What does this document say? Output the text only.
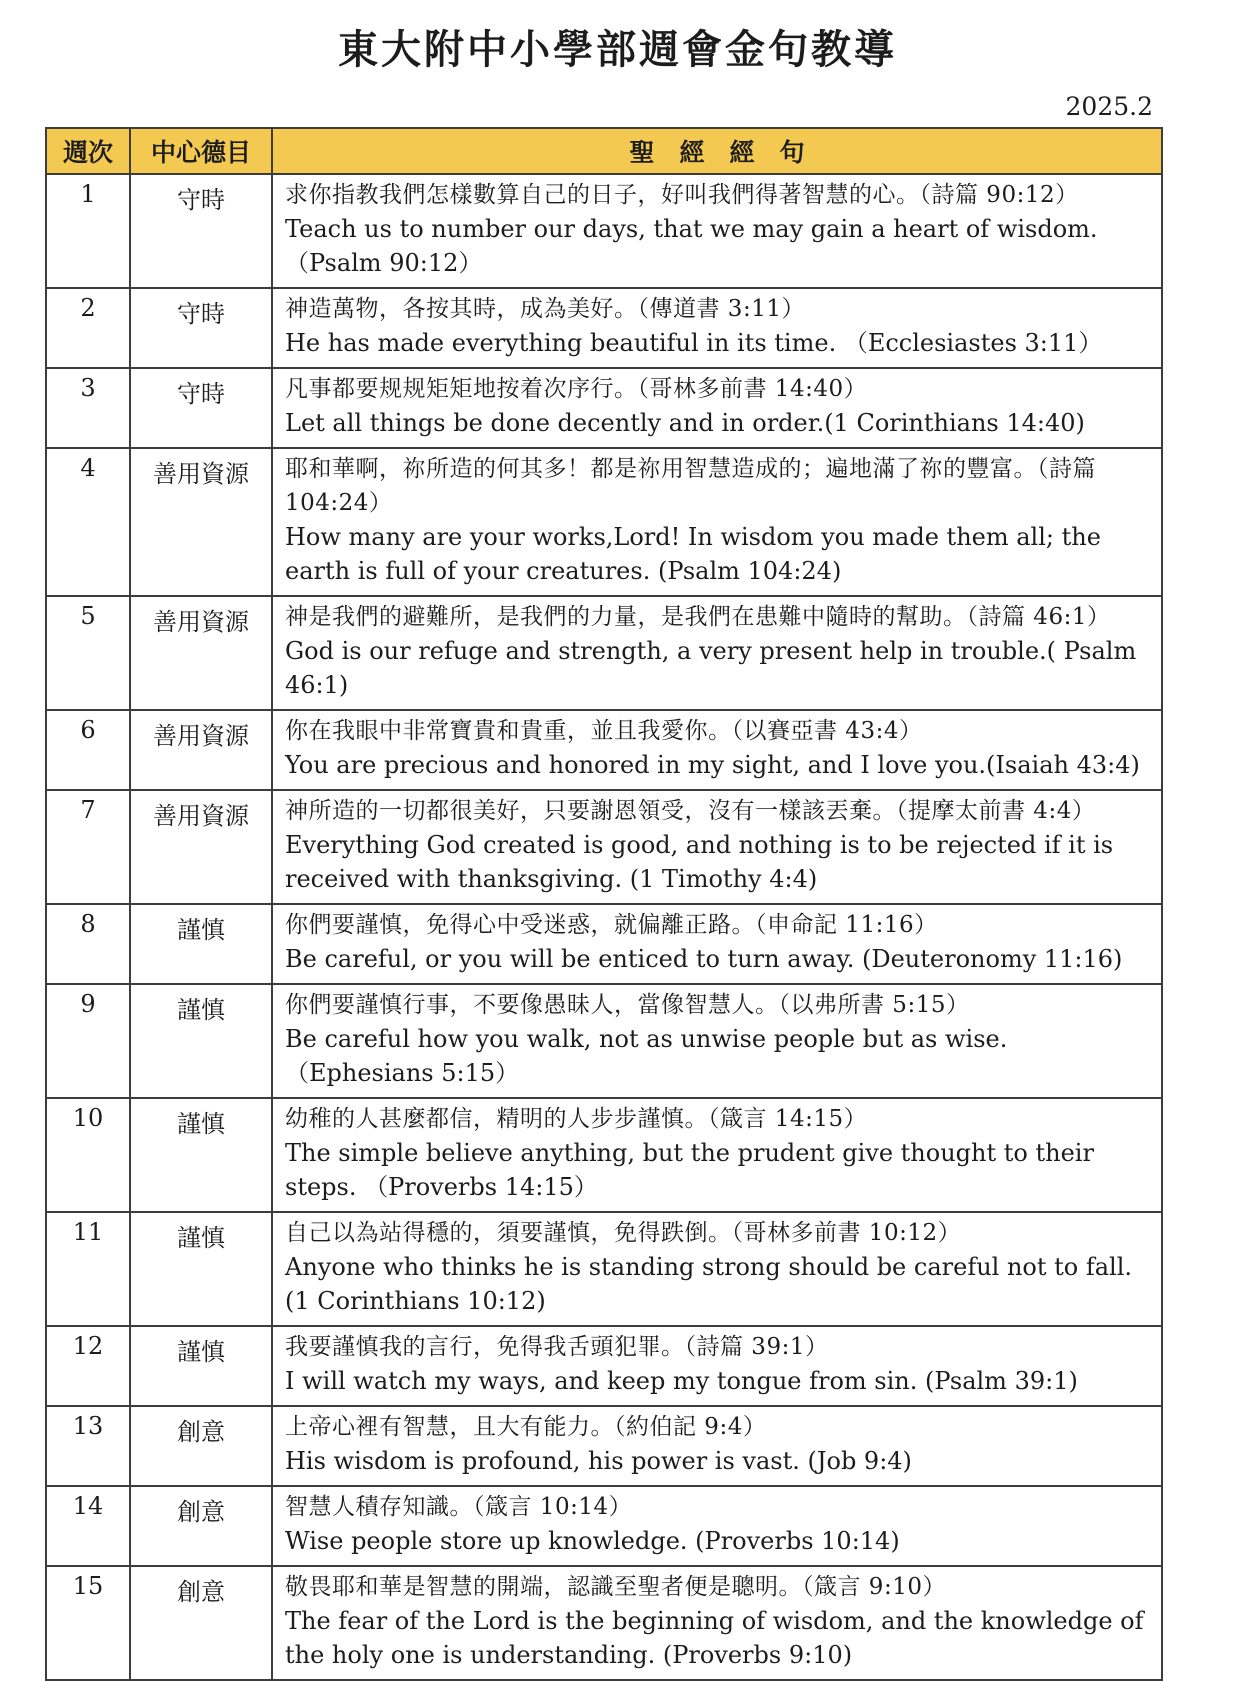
東大附中小學部週會金句教導
2025.2
週次	中心德目	聖　經　經　句
1	守時	求你指教我們怎樣數算自己的日子，好叫我們得著智慧的心。（詩篇 90:12）
Teach us to number our days, that we may gain a heart of wisdom. （Psalm 90:12）

2	守時	神造萬物，各按其時，成為美好。（傳道書 3:11）
He has made everything beautiful in its time. （Ecclesiastes 3:11）

3	守時	凡事都要规规矩矩地按着次序行。（哥林多前書 14:40）
Let all things be done decently and in order.(1 Corinthians 14:40)

4	善用資源	耶和華啊，祢所造的何其多！都是祢用智慧造成的；遍地滿了祢的豐富。（詩篇 104:24）
How many are your works,Lord! In wisdom you made them all; the earth is full of your creatures. (Psalm 104:24)

5	善用資源	神是我們的避難所，是我們的力量，是我們在患難中隨時的幫助。（詩篇 46:1）
God is our refuge and strength, a very present help in trouble.( Psalm 46:1)

6	善用資源	你在我眼中非常寶貴和貴重，並且我愛你。（以賽亞書 43:4）
You are precious and honored in my sight, and I love you.(Isaiah 43:4)

7	善用資源	神所造的一切都很美好，只要謝恩領受，沒有一樣該丟棄。（提摩太前書 4:4）
Everything God created is good, and nothing is to be rejected if it is received with thanksgiving. (1 Timothy 4:4)

8	謹慎	你們要謹慎，免得心中受迷惑，就偏離正路。（申命記 11:16）
Be careful, or you will be enticed to turn away. (Deuteronomy 11:16)

9	謹慎	你們要謹慎行事，不要像愚昧人，當像智慧人。（以弗所書 5:15）
Be careful how you walk, not as unwise people but as wise. （Ephesians 5:15）

10	謹慎	幼稚的人甚麼都信，精明的人步步謹慎。（箴言 14:15）
The simple believe anything, but the prudent give thought to their steps. （Proverbs 14:15）

11	謹慎	自己以為站得穩的，須要謹慎，免得跌倒。（哥林多前書 10:12）
Anyone who thinks he is standing strong should be careful not to fall.(1 Corinthians 10:12)

12	謹慎	我要謹慎我的言行，免得我舌頭犯罪。（詩篇 39:1）
I will watch my ways, and keep my tongue from sin. (Psalm 39:1)

13	創意	上帝心裡有智慧，且大有能力。（約伯記 9:4）
His wisdom is profound, his power is vast. (Job 9:4)

14	創意	智慧人積存知識。（箴言 10:14）
Wise people store up knowledge. (Proverbs 10:14)

15	創意	敬畏耶和華是智慧的開端，認識至聖者便是聰明。（箴言 9:10）
The fear of the Lord is the beginning of wisdom, and the knowledge of the holy one is understanding. (Proverbs 9:10)
